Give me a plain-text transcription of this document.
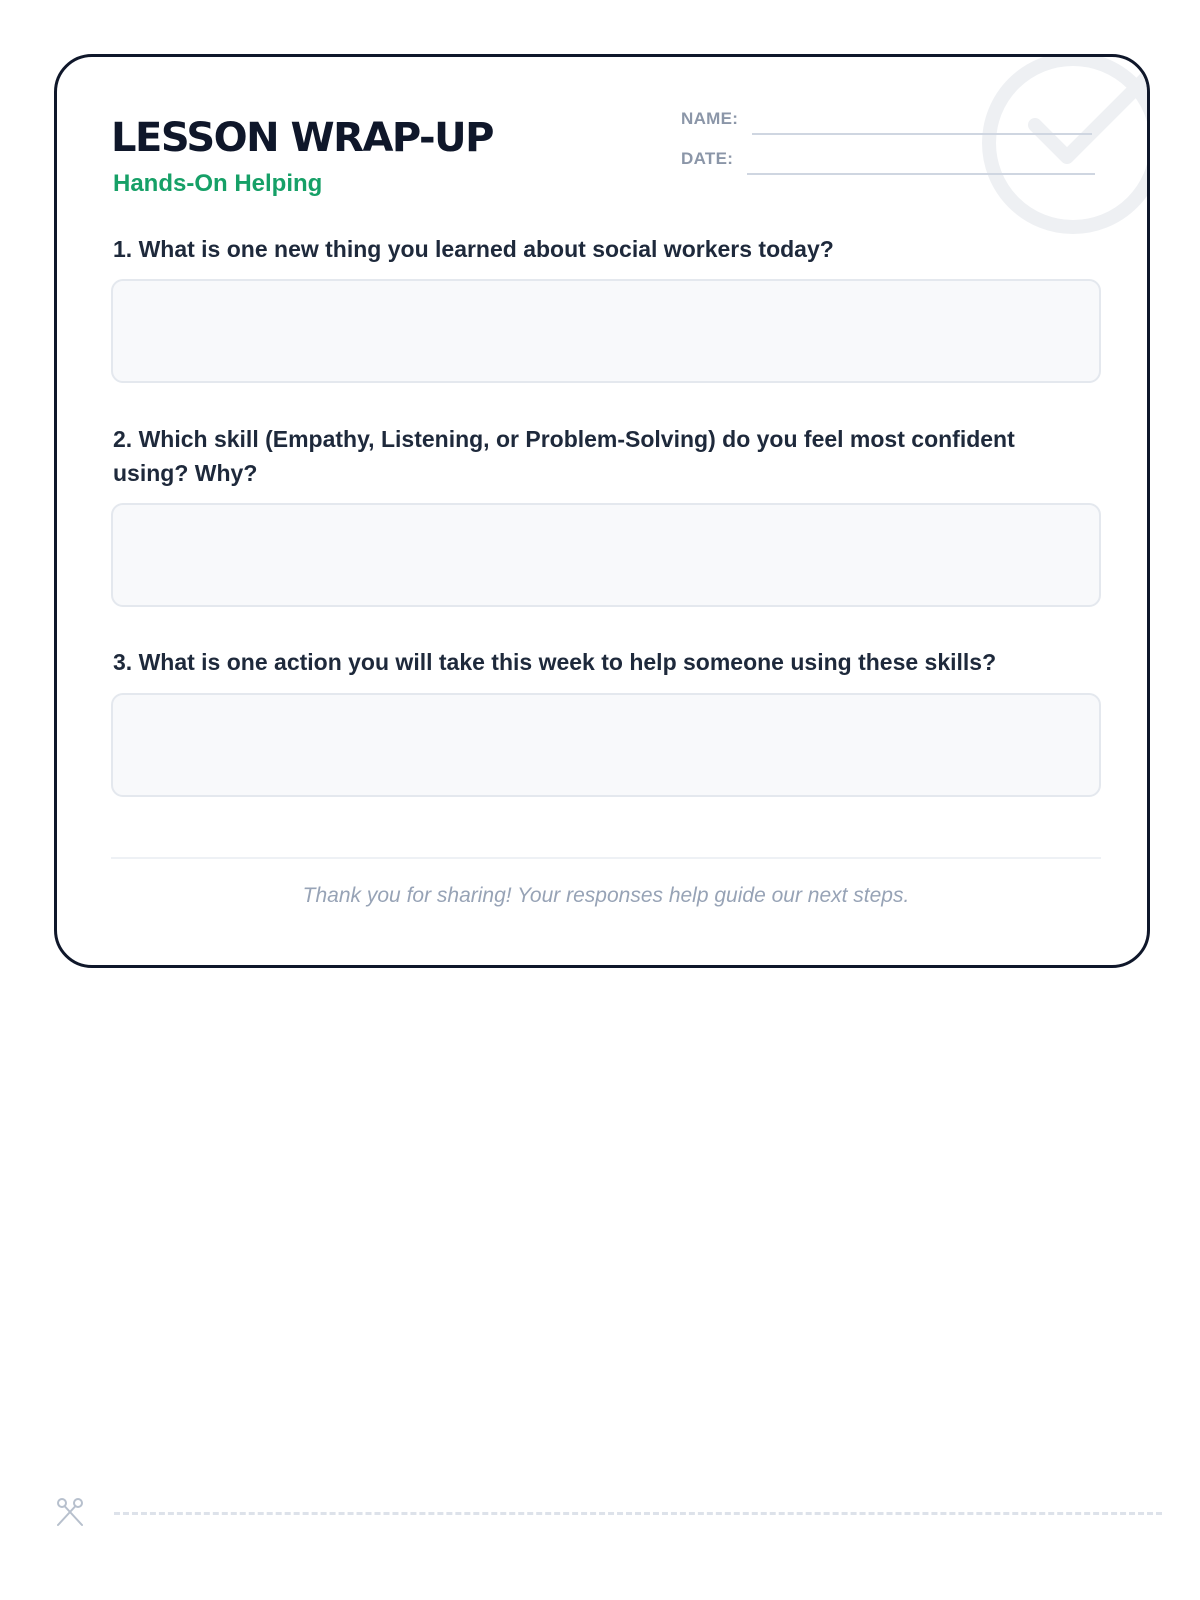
LESSON WRAP-UP
Hands-On Helping
NAME:
DATE:

1. What is one new thing you learned about social workers today?

2. Which skill (Empathy, Listening, or Problem-Solving) do you feel most confident using? Why?

3. What is one action you will take this week to help someone using these skills?

Thank you for sharing! Your responses help guide our next steps.
